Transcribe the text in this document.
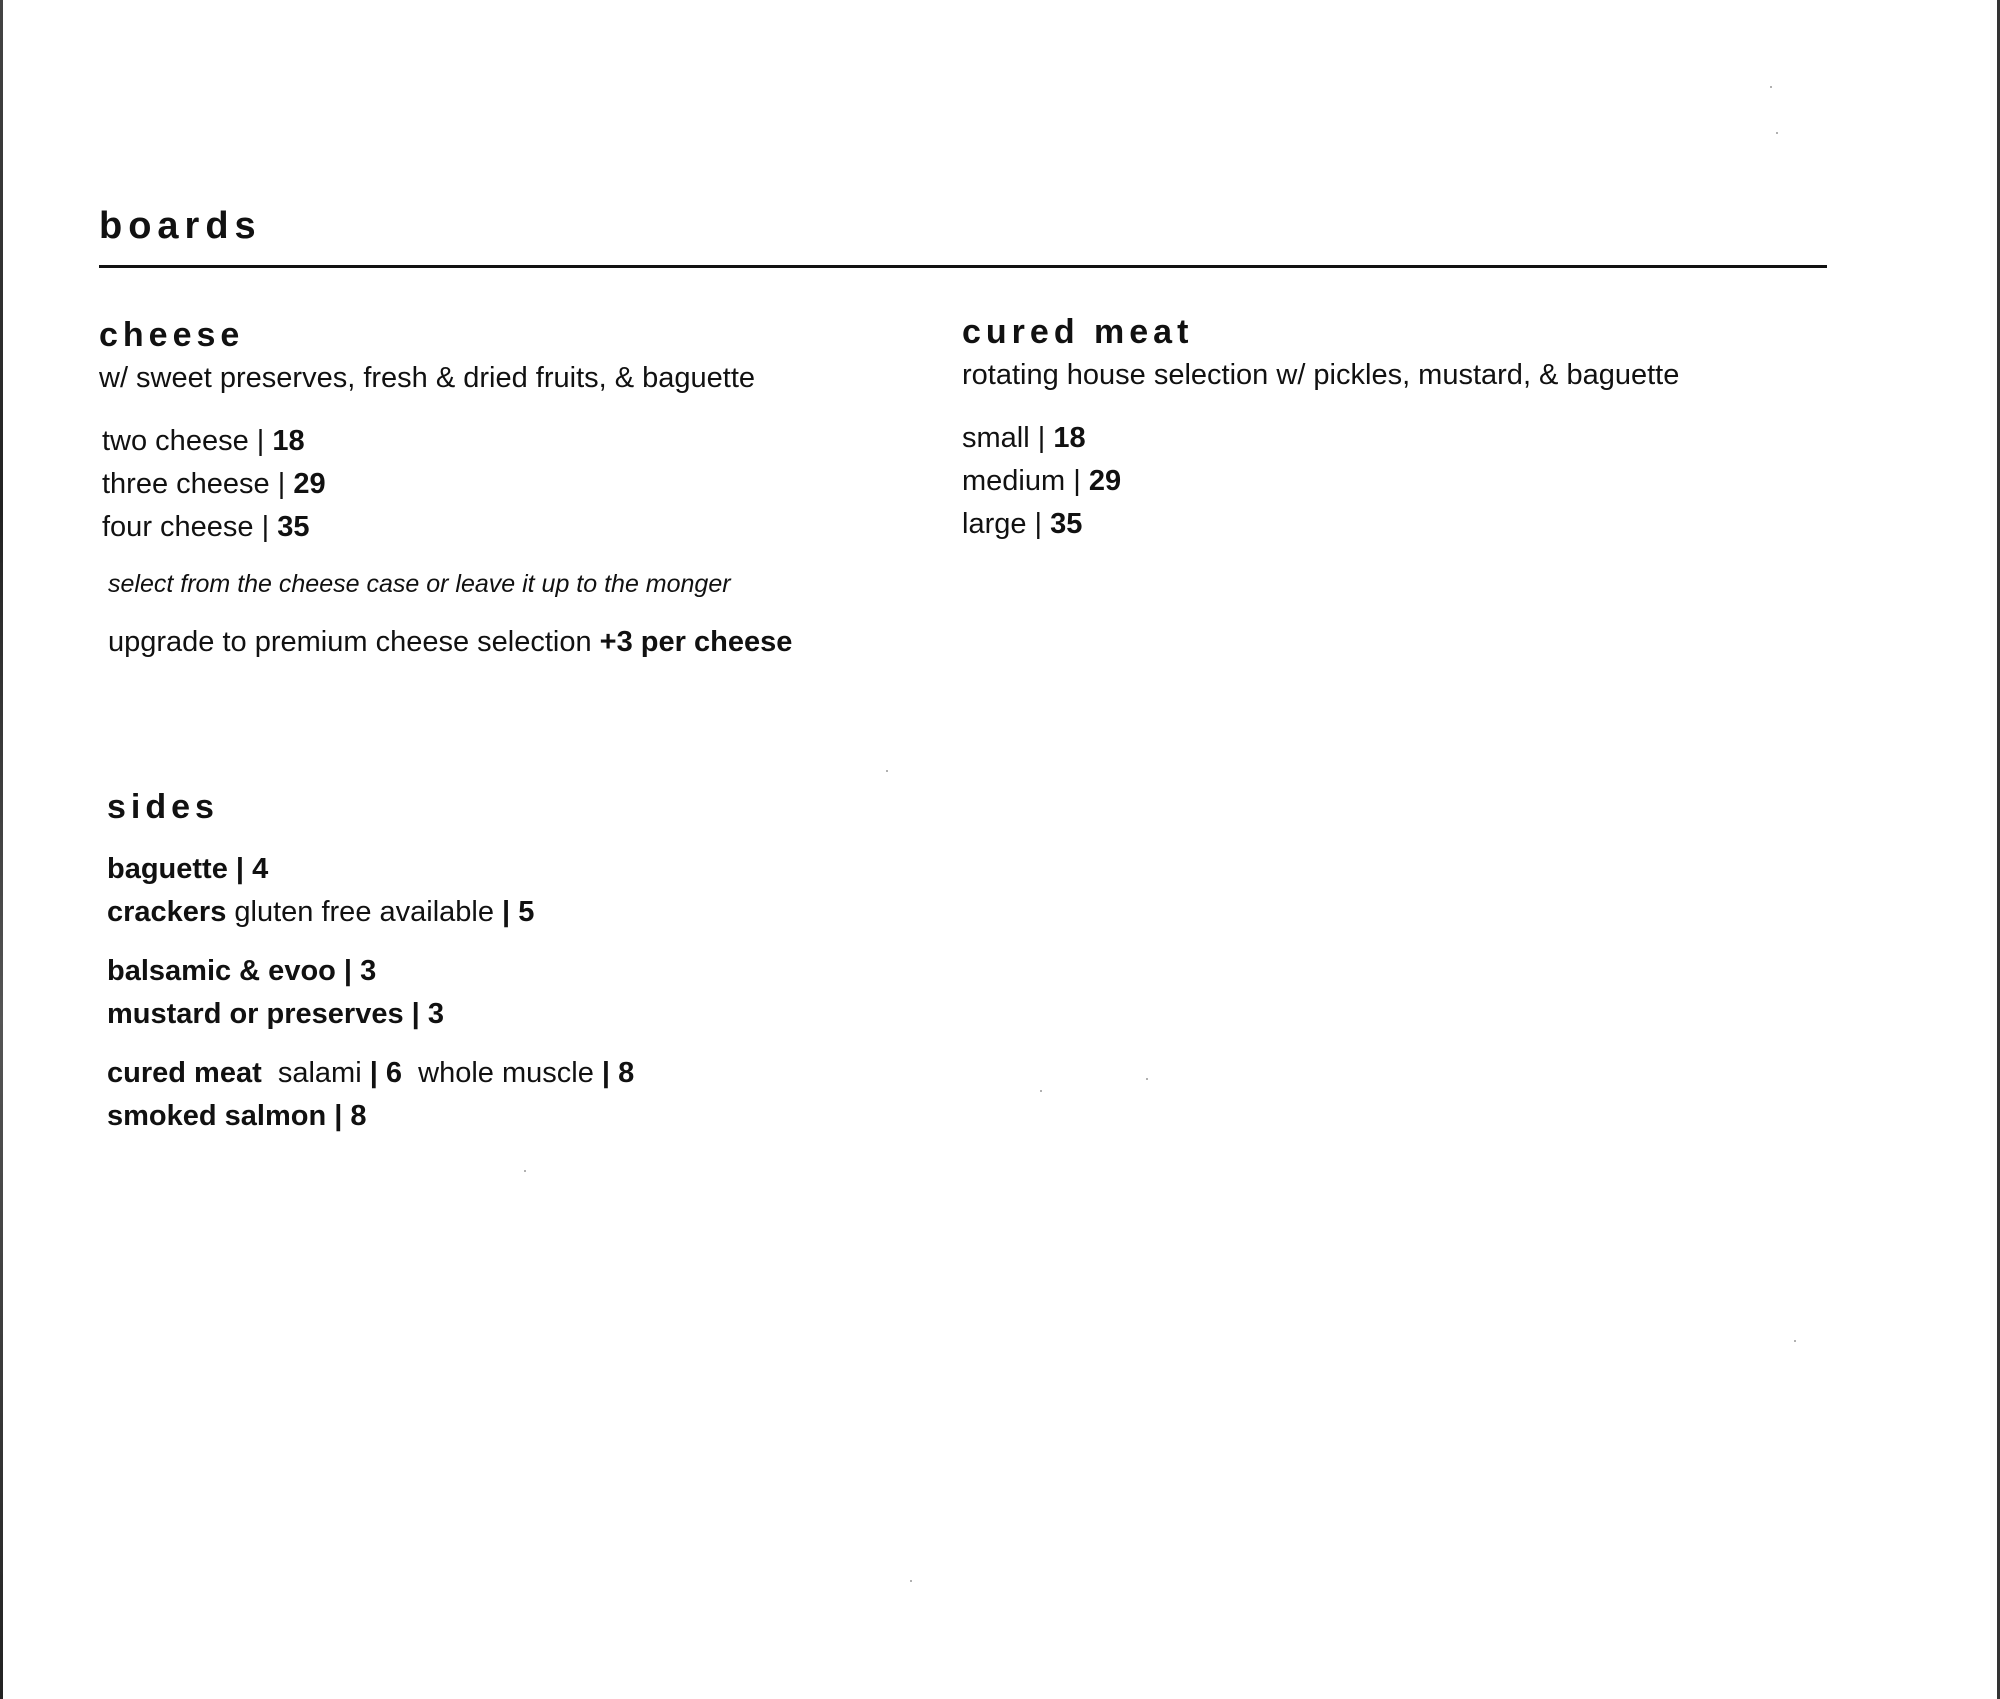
boards
cheese

w/ sweet preserves, fresh & dried fruits, & baguette

two cheese | 18
three cheese | 29
four cheese | 35

select from the cheese case or leave it up to the monger

upgrade to premium cheese selection +3 per cheese

cured meat

rotating house selection w/ pickles, mustard, & baguette

small | 18
medium | 29
large | 35
sides
baguette | 4
crackers gluten free available | 5
balsamic & evoo | 3
mustard or preserves | 3
cured meat  salami | 6  whole muscle | 8
smoked salmon | 8
